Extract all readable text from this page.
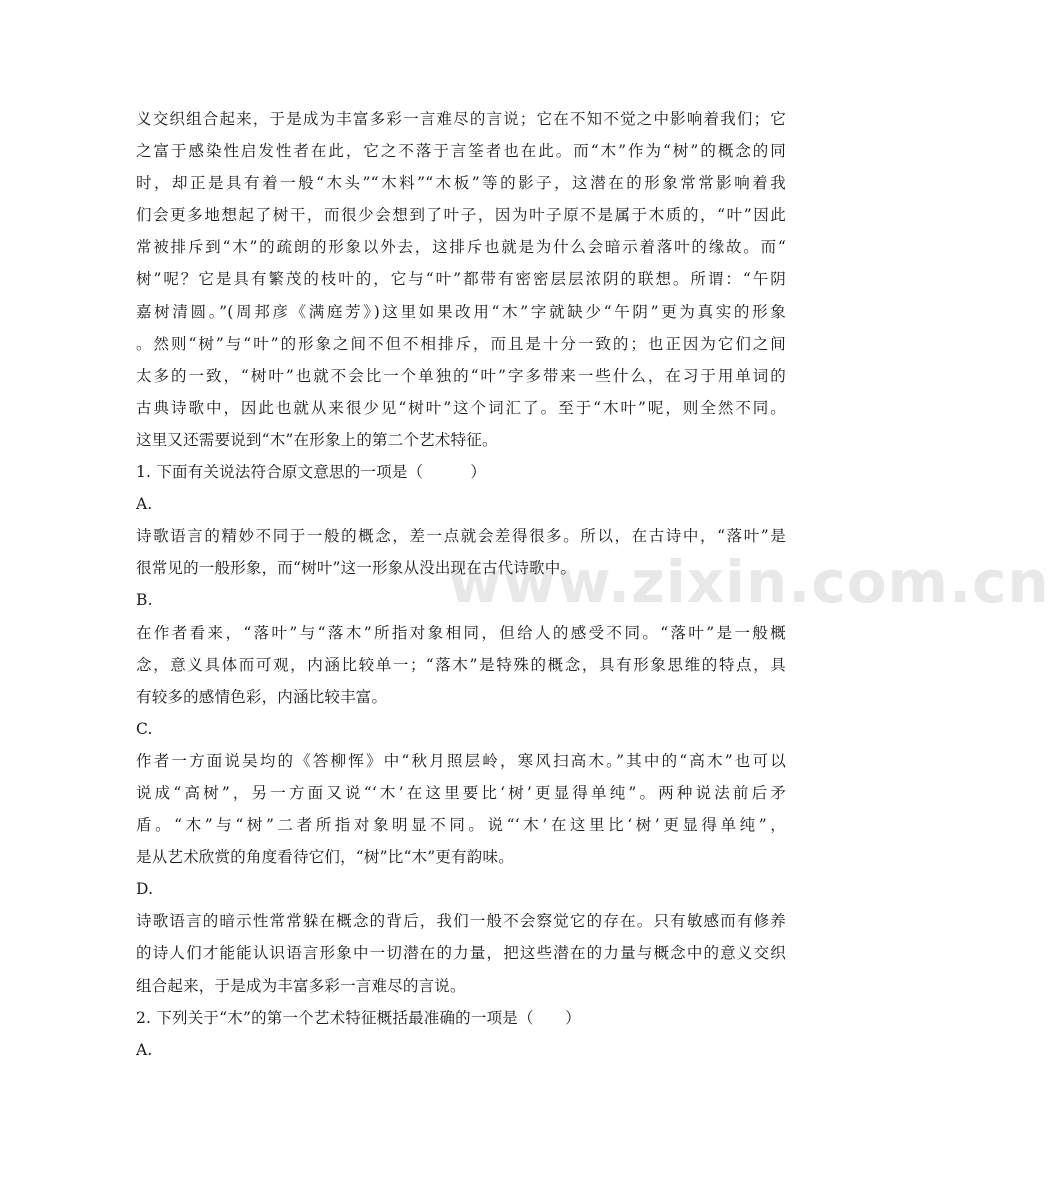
www.zixin.com.cn
义交织组合起来，于是成为丰富多彩一言难尽的言说；它在不知不觉之中影响着我们；它
之富于感染性启发性者在此，它之不落于言筌者也在此。而“木”作为“树”的概念的同
时，却正是具有着一般“木头”“木料”“木板”等的影子，这潜在的形象常常影响着我
们会更多地想起了树干，而很少会想到了叶子，因为叶子原不是属于木质的，“叶”因此
常被排斥到“木”的疏朗的形象以外去，这排斥也就是为什么会暗示着落叶的缘故。而“
树”呢？它是具有繁茂的枝叶的，它与“叶”都带有密密层层浓阴的联想。所谓：“午阴
嘉树清圆。”(周邦彦《满庭芳》)这里如果改用“木”字就缺少“午阴”更为真实的形象
。然则“树”与“叶”的形象之间不但不相排斥，而且是十分一致的；也正因为它们之间
太多的一致，“树叶”也就不会比一个单独的“叶”字多带来一些什么，在习于用单词的
古典诗歌中，因此也就从来很少见“树叶”这个词汇了。至于“木叶”呢，则全然不同。
这里又还需要说到“木”在形象上的第二个艺术特征。
1. 下面有关说法符合原文意思的一项是（　　　）
A.
诗歌语言的精妙不同于一般的概念，差一点就会差得很多。所以，在古诗中，“落叶”是
很常见的一般形象，而“树叶”这一形象从没出现在古代诗歌中。
B.
在作者看来，“落叶”与“落木”所指对象相同，但给人的感受不同。“落叶”是一般概
念，意义具体而可观，内涵比较单一；“落木”是特殊的概念，具有形象思维的特点，具
有较多的感情色彩，内涵比较丰富。
C.
作者一方面说吴均的《答柳恽》中“秋月照层岭，寒风扫高木。”其中的“高木”也可以
说成“高树”，另一方面又说“‘木’在这里要比‘树’更显得单纯”。两种说法前后矛
盾。“木”与“树”二者所指对象明显不同。说“‘木’在这里比‘树’更显得单纯”，
是从艺术欣赏的角度看待它们，“树”比“木”更有韵味。
D.
诗歌语言的暗示性常常躲在概念的背后，我们一般不会察觉它的存在。只有敏感而有修养
的诗人们才能能认识语言形象中一切潜在的力量，把这些潜在的力量与概念中的意义交织
组合起来，于是成为丰富多彩一言难尽的言说。
2. 下列关于“木”的第一个艺术特征概括最准确的一项是（　　）
A.
